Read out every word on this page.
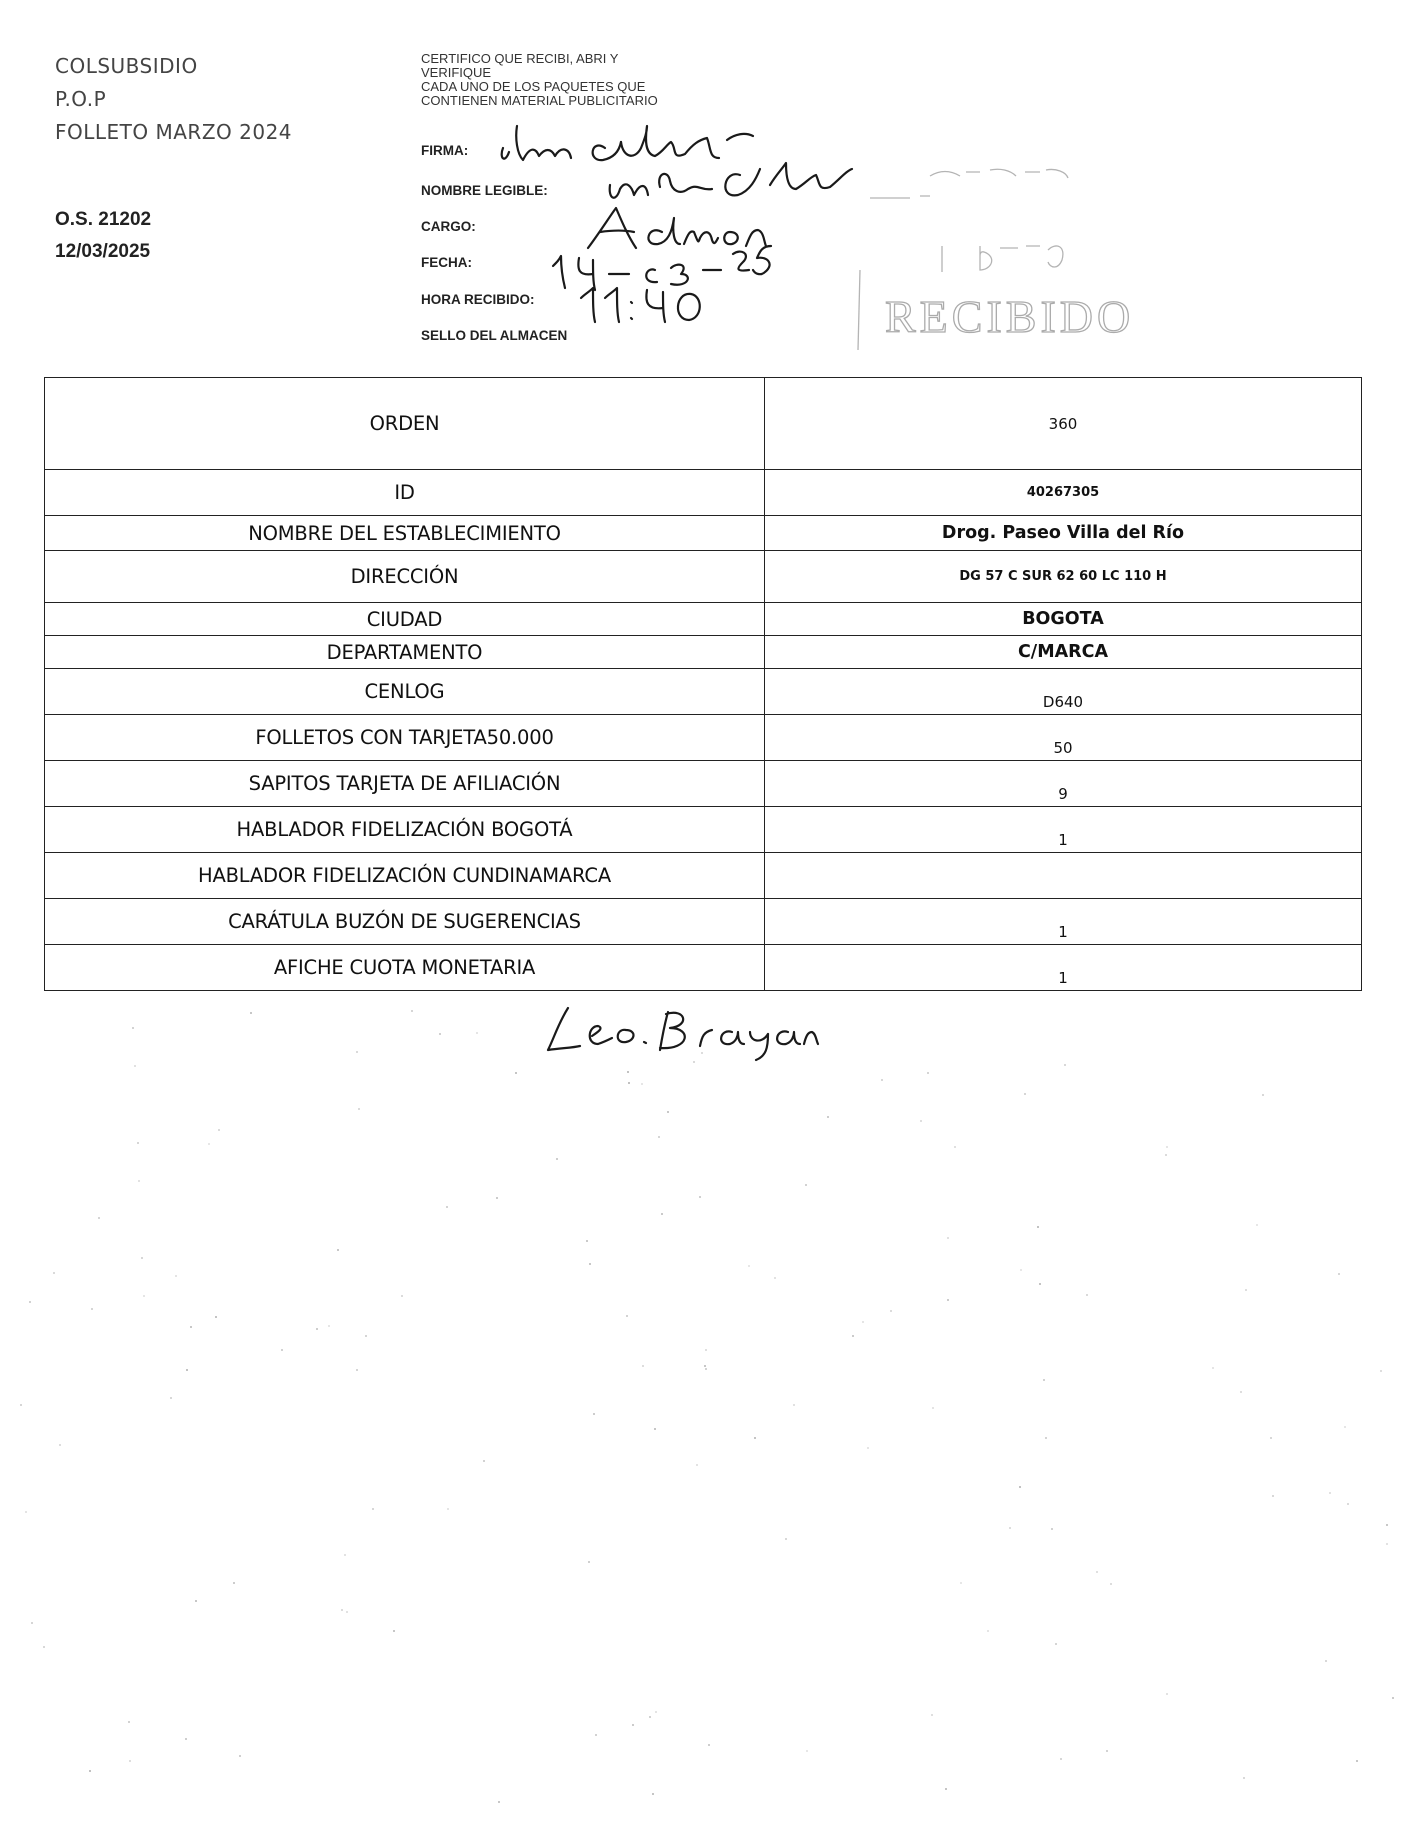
COLSUBSIDIO
P.O.P
FOLLETO MARZO 2024
O.S. 21202
12/03/2025
CERTIFICO QUE RECIBI, ABRI Y
VERIFIQUE
CADA UNO DE LOS PAQUETES QUE
CONTIENEN MATERIAL PUBLICITARIO
FIRMA:
NOMBRE LEGIBLE:
CARGO:
FECHA:
HORA RECIBIDO:
SELLO DEL ALMACEN	RECIBIDO
ORDEN	360
ID	40267305
NOMBRE DEL ESTABLECIMIENTO	Drog. Paseo Villa del Río
DIRECCIÓN	DG 57 C SUR 62 60 LC 110 H
CIUDAD	BOGOTA
DEPARTAMENTO	C/MARCA
CENLOG	D640
FOLLETOS CON TARJETA50.000	50
SAPITOS TARJETA DE AFILIACIÓN	9
HABLADOR FIDELIZACIÓN BOGOTÁ	1
HABLADOR FIDELIZACIÓN CUNDINAMARCA	
CARÁTULA BUZÓN DE SUGERENCIAS	1
AFICHE CUOTA MONETARIA	1
